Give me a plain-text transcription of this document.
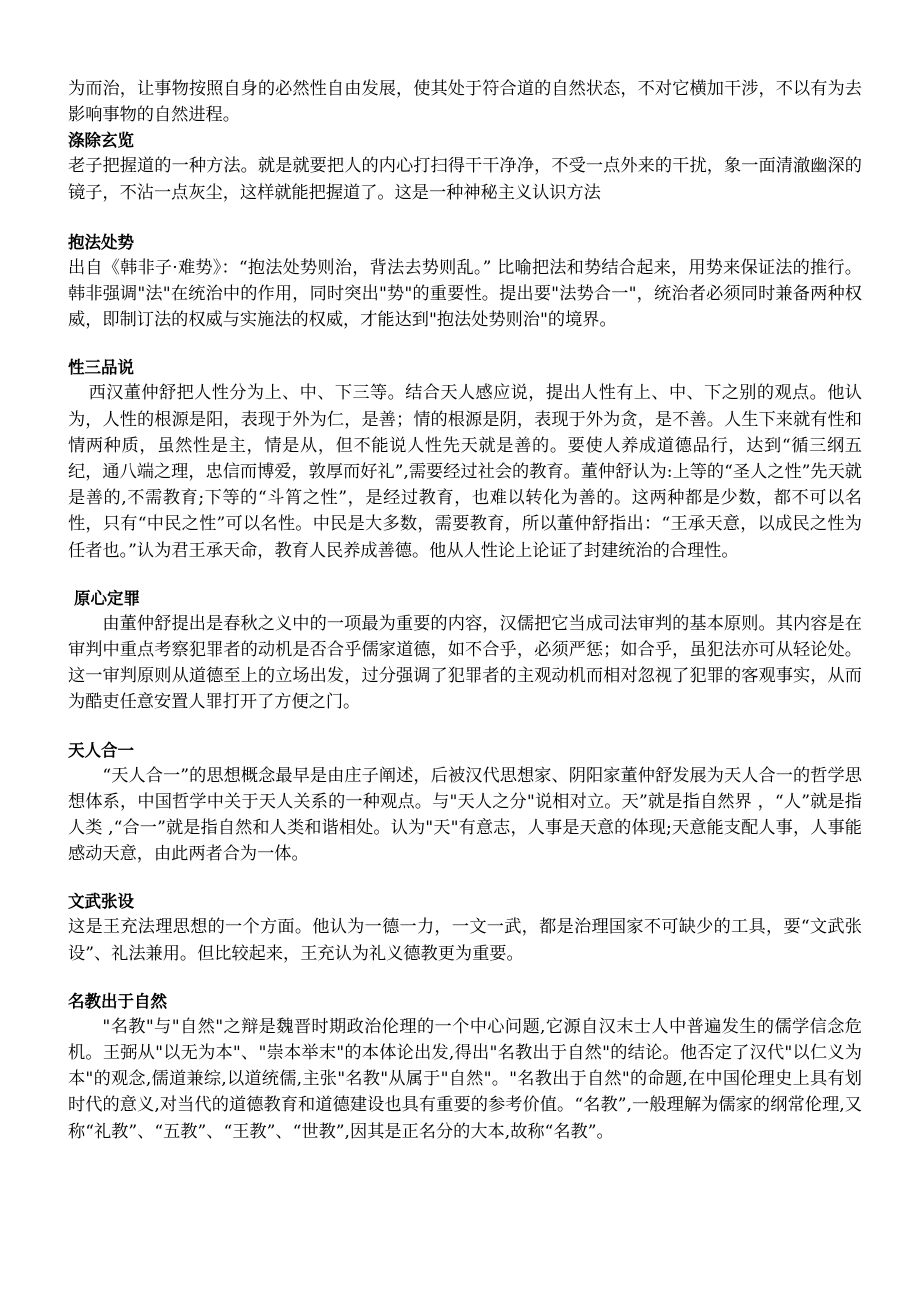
为而治，让事物按照自身的必然性自由发展，使其处于符合道的自然状态，不对它横加干涉，不以有为去影响事物的自然进程。

涤除玄览

老子把握道的一种方法。就是就要把人的内心打扫得干干净净，不受一点外来的干扰，象一面清澈幽深的镜子，不沾一点灰尘，这样就能把握道了。这是一种神秘主义认识方法

抱法处势

出自《韩非子·难势》：“抱法处势则治，背法去势则乱。” 比喻把法和势结合起来，用势来保证法的推行。韩非强调"法"在统治中的作用，同时突出"势"的重要性。提出要"法势合一"，统治者必须同时兼备两种权威，即制订法的权威与实施法的权威，才能达到"抱法处势则治"的境界。

性三品说

西汉董仲舒把人性分为上、中、下三等。结合天人感应说，提出人性有上、中、下之别的观点。他认为，人性的根源是阳，表现于外为仁，是善；情的根源是阴，表现于外为贪，是不善。人生下来就有性和情两种质，虽然性是主，情是从，但不能说人性先天就是善的。要使人养成道德品行，达到“循三纲五纪，通八端之理，忠信而博爱，敦厚而好礼”,需要经过社会的教育。董仲舒认为:上等的“圣人之性”先天就是善的,不需教育;下等的“斗筲之性”，是经过教育，也难以转化为善的。这两种都是少数，都不可以名性，只有“中民之性”可以名性。中民是大多数，需要教育，所以董仲舒指出：“王承天意，以成民之性为任者也。”认为君王承天命，教育人民养成善德。他从人性论上论证了封建统治的合理性。

原心定罪

由董仲舒提出是春秋之义中的一项最为重要的内容，汉儒把它当成司法审判的基本原则。其内容是在审判中重点考察犯罪者的动机是否合乎儒家道德，如不合乎，必须严惩；如合乎，虽犯法亦可从轻论处。这一审判原则从道德至上的立场出发，过分强调了犯罪者的主观动机而相对忽视了犯罪的客观事实，从而为酷吏任意安置人罪打开了方便之门。

天人合一

“天人合一”的思想概念最早是由庄子阐述，后被汉代思想家、阴阳家董仲舒发展为天人合一的哲学思想体系，中国哲学中关于天人关系的一种观点。与"天人之分"说相对立。天”就是指自然界 ，“人”就是指人类 ,“合一”就是指自然和人类和谐相处。认为"天"有意志，人事是天意的体现;天意能支配人事，人事能感动天意，由此两者合为一体。

文武张设

这是王充法理思想的一个方面。他认为一德一力，一文一武，都是治理国家不可缺少的工具，要“文武张设”、礼法兼用。但比较起来，王充认为礼义德教更为重要。

名教出于自然

"名教"与"自然"之辩是魏晋时期政治伦理的一个中心问题,它源自汉末士人中普遍发生的儒学信念危机。王弼从"以无为本"、"崇本举末"的本体论出发,得出"名教出于自然"的结论。他否定了汉代"以仁义为本"的观念,儒道兼综,以道统儒,主张"名教"从属于"自然"。"名教出于自然"的命题,在中国伦理史上具有划时代的意义,对当代的道德教育和道德建设也具有重要的参考价值。“名教”,一般理解为儒家的纲常伦理,又称“礼教”、“五教”、“王教”、“世教”,因其是正名分的大本,故称“名教”。
